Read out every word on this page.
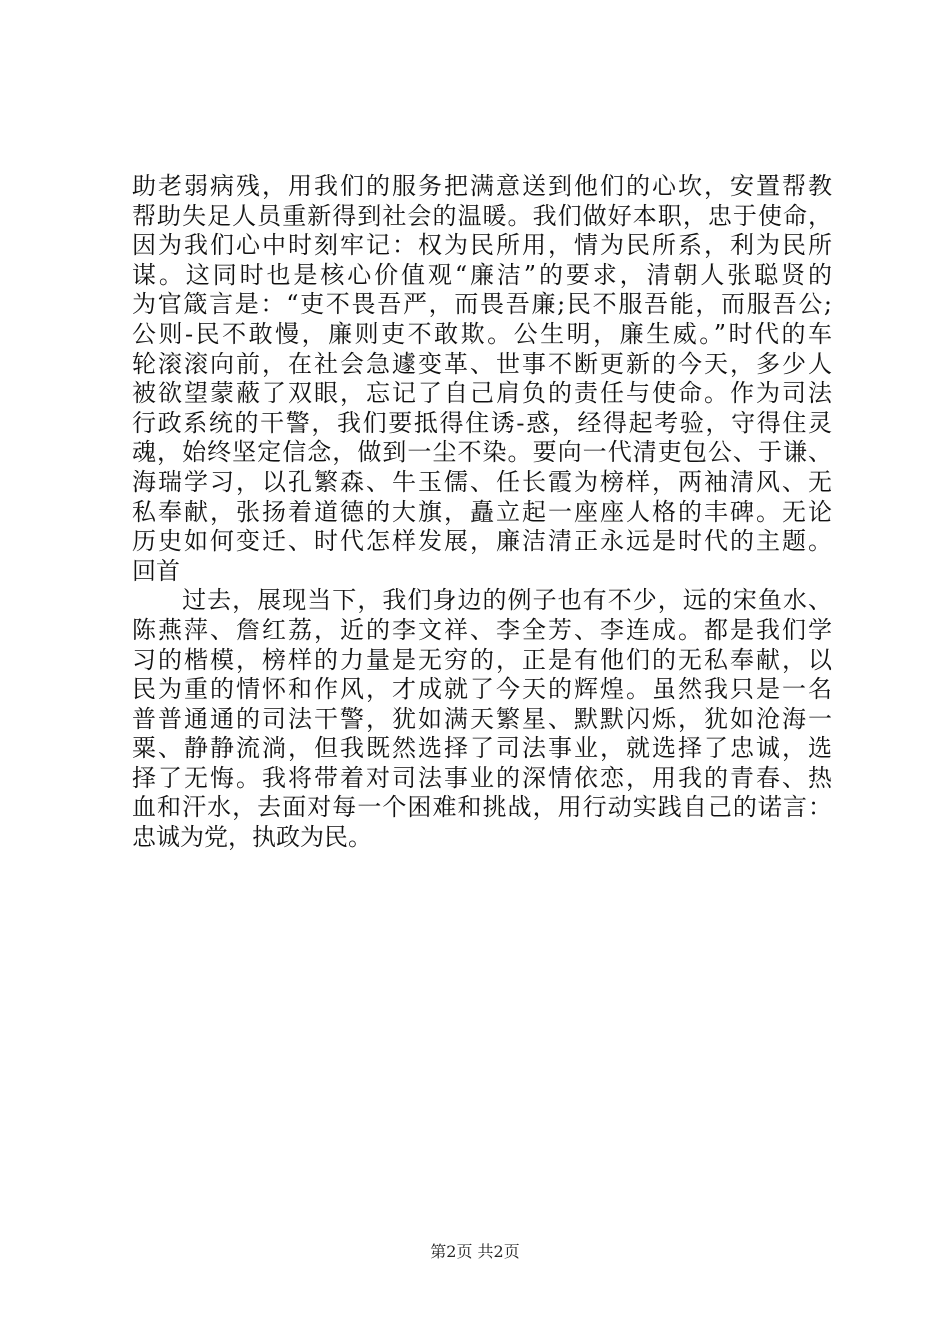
助老弱病残，用我们的服务把满意送到他们的心坎，安置帮教
帮助失足人员重新得到社会的温暖。我们做好本职，忠于使命，
因为我们心中时刻牢记：权为民所用，情为民所系，利为民所
谋。这同时也是核心价值观“廉洁”的要求，清朝人张聪贤的
为官箴言是：“吏不畏吾严，而畏吾廉;民不服吾能，而服吾公;
公则-民不敢慢，廉则吏不敢欺。公生明，廉生威。”时代的车
轮滚滚向前，在社会急遽变革、世事不断更新的今天，多少人
被欲望蒙蔽了双眼，忘记了自己肩负的责任与使命。作为司法
行政系统的干警，我们要抵得住诱-惑，经得起考验，守得住灵
魂，始终坚定信念，做到一尘不染。要向一代清吏包公、于谦、
海瑞学习，以孔繁森、牛玉儒、任长霞为榜样，两袖清风、无
私奉献，张扬着道德的大旗，矗立起一座座人格的丰碑。无论
历史如何变迁、时代怎样发展，廉洁清正永远是时代的主题。
回首
　　过去，展现当下，我们身边的例子也有不少，远的宋鱼水、
陈燕萍、詹红荔，近的李文祥、李全芳、李连成。都是我们学
习的楷模，榜样的力量是无穷的，正是有他们的无私奉献，以
民为重的情怀和作风，才成就了今天的辉煌。虽然我只是一名
普普通通的司法干警，犹如满天繁星、默默闪烁，犹如沧海一
粟、静静流淌，但我既然选择了司法事业，就选择了忠诚，选
择了无悔。我将带着对司法事业的深情依恋，用我的青春、热
血和汗水，去面对每一个困难和挑战，用行动实践自己的诺言：
忠诚为党，执政为民。
第2页 共2页
